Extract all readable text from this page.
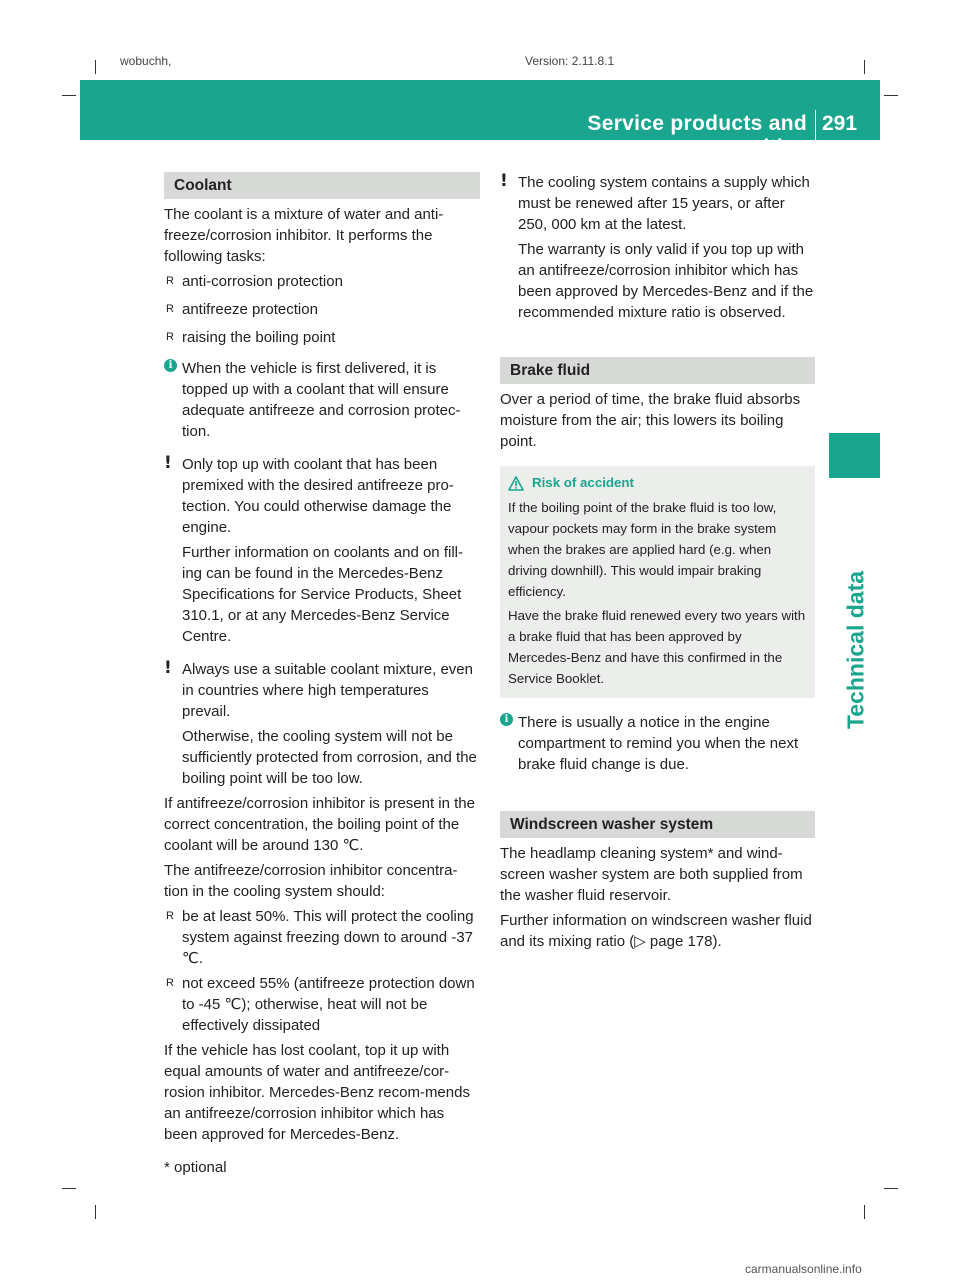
wobuchh,	Version: 2.11.8.1
Service products and capacities
291
Technical data
Coolant

The coolant is a mixture of water and anti-freeze/corrosion inhibitor. It performs the following tasks:

R anti-corrosion protection
R antifreeze protection
R raising the boiling point
i When the vehicle is first delivered, it is topped up with a coolant that will ensure adequate antifreeze and corrosion protec-tion.

! Only top up with coolant that has been premixed with the desired antifreeze pro-tection. You could otherwise damage the engine.

Further information on coolants and on fill-ing can be found in the Mercedes-Benz Specifications for Service Products, Sheet 310.1, or at any Mercedes-Benz Service Centre.

! Always use a suitable coolant mixture, even in countries where high temperatures prevail.

Otherwise, the cooling system will not be sufficiently protected from corrosion, and the boiling point will be too low.

If antifreeze/corrosion inhibitor is present in the correct concentration, the boiling point of the coolant will be around 130 ℃.

The antifreeze/corrosion inhibitor concentra-tion in the cooling system should:

R be at least 50%. This will protect the cooling system against freezing down to around -37 ℃.
R not exceed 55% (antifreeze protection down to -45 ℃); otherwise, heat will not be effectively dissipated

If the vehicle has lost coolant, top it up with equal amounts of water and antifreeze/cor-rosion inhibitor. Mercedes-Benz recom-mends an antifreeze/corrosion inhibitor which has been approved for Mercedes-Benz.

! The cooling system contains a supply which must be renewed after 15 years, or after 250, 000 km at the latest.

The warranty is only valid if you top up with an antifreeze/corrosion inhibitor which has been approved by Mercedes-Benz and if the recommended mixture ratio is observed.

Brake fluid

Over a period of time, the brake fluid absorbs moisture from the air; this lowers its boiling point.

Risk of accident

If the boiling point of the brake fluid is too low, vapour pockets may form in the brake system when the brakes are applied hard (e.g. when driving downhill). This would impair braking efficiency.

Have the brake fluid renewed every two years with a brake fluid that has been approved by Mercedes-Benz and have this confirmed in the Service Booklet.

i There is usually a notice in the engine compartment to remind you when the next brake fluid change is due.

Windscreen washer system

The headlamp cleaning system* and wind-screen washer system are both supplied from the washer fluid reservoir.

Further information on windscreen washer fluid and its mixing ratio (▷ page 178).

* optional
carmanualsonline.info
